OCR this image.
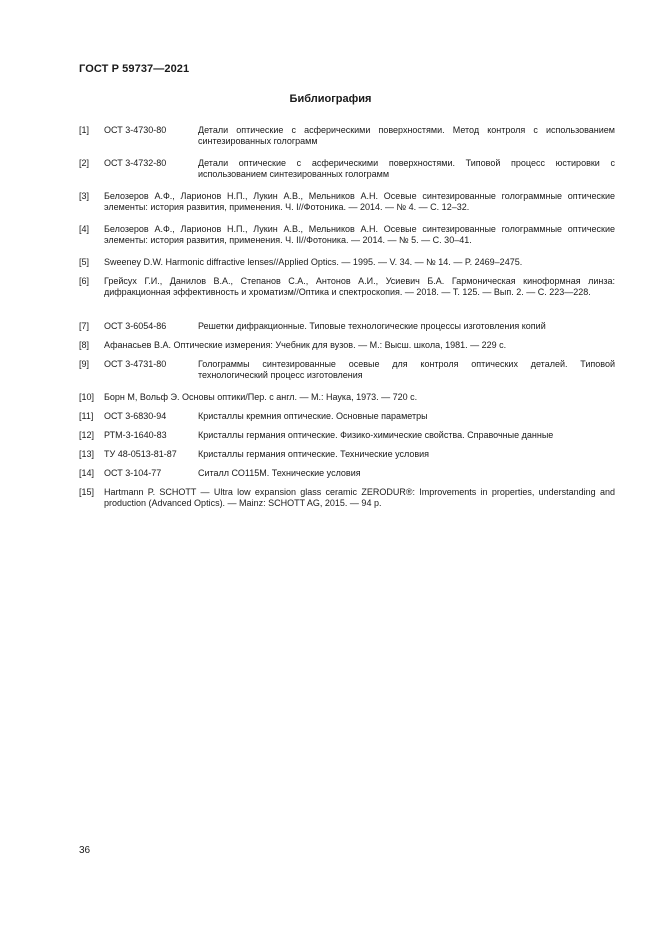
ГОСТ Р 59737—2021
Библиография
[1] ОСТ 3-4730-80	Детали оптические с асферическими поверхностями. Метод контроля с использованием синтезированных голограмм
[2] ОСТ 3-4732-80	Детали оптические с асферическими поверхностями. Типовой процесс юстировки с использованием синтезированных голограмм
[3] Белозеров А.Ф., Ларионов Н.П., Лукин А.В., Мельников А.Н. Осевые синтезированные голограммные оптические элементы: история развития, применения. Ч. I//Фотоника. — 2014. — № 4. — С. 12–32.
[4] Белозеров А.Ф., Ларионов Н.П., Лукин А.В., Мельников А.Н. Осевые синтезированные голограммные оптические элементы: история развития, применения. Ч. II//Фотоника. — 2014. — № 5. — С. 30–41.
[5] Sweeney D.W. Harmonic diffractive lenses//Applied Optics. — 1995. — V. 34. — № 14. — P. 2469–2475.
[6] Грейсух Г.И., Данилов В.А., Степанов С.А., Антонов А.И., Усиевич Б.А. Гармоническая киноформная линза: дифракционная эффективность и хроматизм//Оптика и спектроскопия. — 2018. — Т. 125. — Вып. 2. — С. 223—228.
[7] ОСТ 3-6054-86	Решетки дифракционные. Типовые технологические процессы изготовления копий
[8] Афанасьев В.А. Оптические измерения: Учебник для вузов. — М.: Высш. школа, 1981. — 229 с.
[9] ОСТ 3-4731-80	Голограммы синтезированные осевые для контроля оптических деталей. Типовой технологический процесс изготовления
[10] Борн М, Вольф Э. Основы оптики/Пер. с англ. — М.: Наука, 1973. — 720 с.
[11] ОСТ 3-6830-94	Кристаллы кремния оптические. Основные параметры
[12] РТМ-3-1640-83	Кристаллы германия оптические. Физико-химические свойства. Справочные данные
[13] ТУ 48-0513-81-87 Кристаллы германия оптические. Технические условия
[14] ОСТ 3-104-77	Ситалл СО115М. Технические условия
[15] Hartmann P. SCHOTT — Ultra low expansion glass ceramic ZERODUR®: Improvements in properties, understanding and production (Advanced Optics). — Mainz: SCHOTT AG, 2015. — 94 p.
36
